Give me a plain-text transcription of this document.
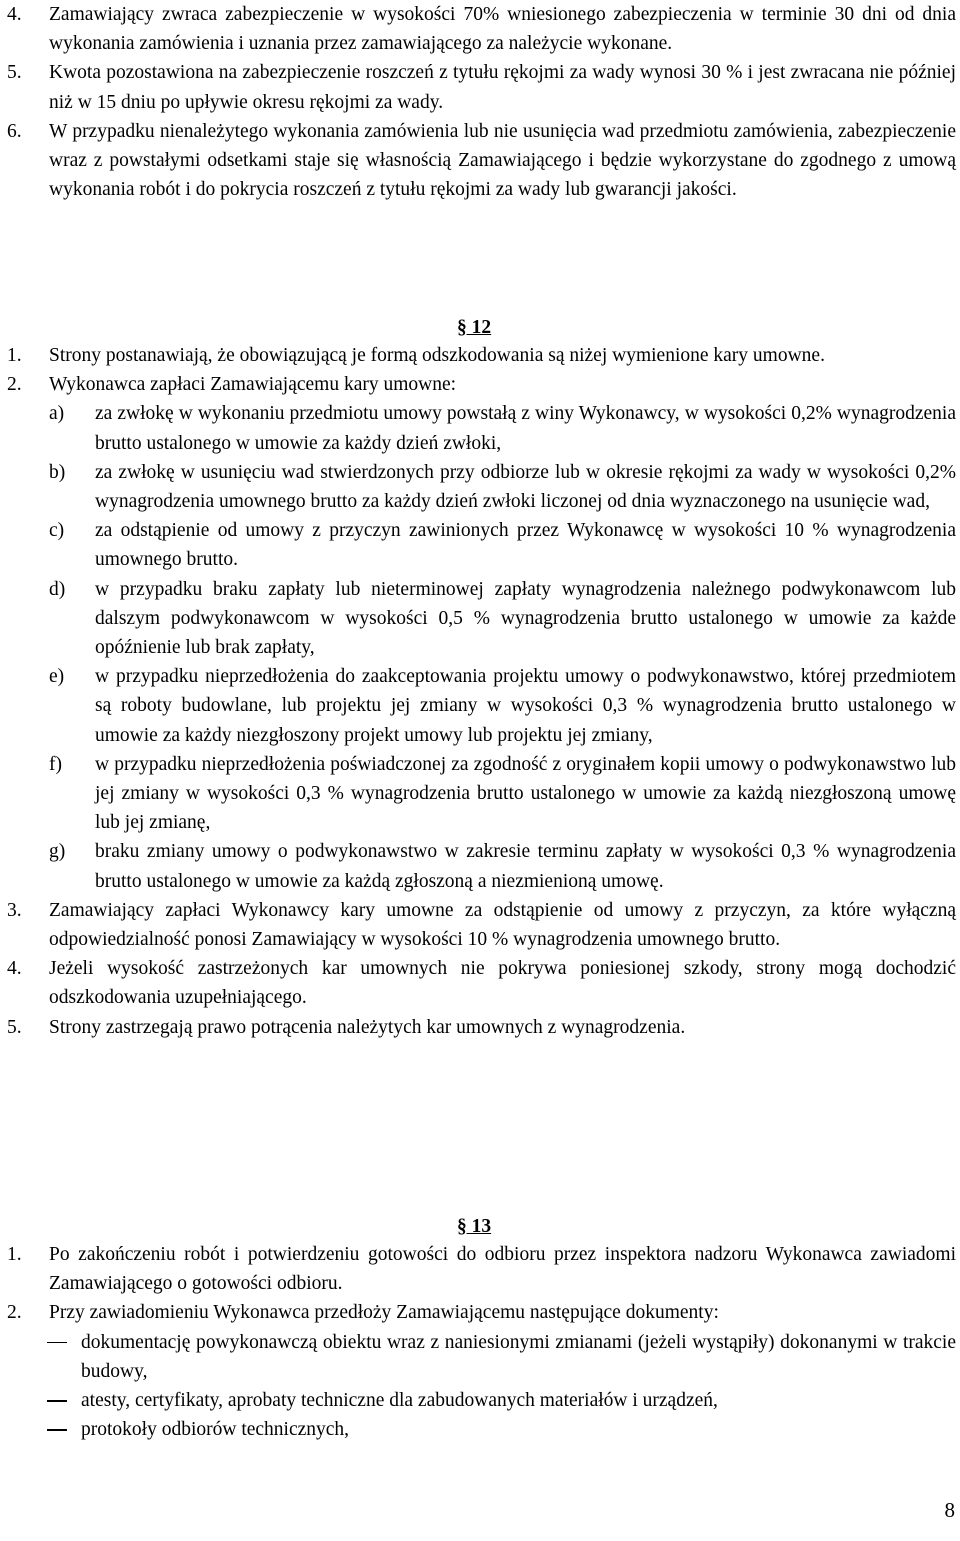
4. Zamawiający zwraca zabezpieczenie w wysokości 70% wniesionego zabezpieczenia w terminie 30 dni od dnia wykonania zamówienia i uznania przez zamawiającego za należycie wykonane.
5. Kwota pozostawiona na zabezpieczenie roszczeń z tytułu rękojmi za wady wynosi 30 % i jest zwracana nie później niż w 15 dniu po upływie okresu rękojmi za wady.
6. W przypadku nienależytego wykonania zamówienia lub nie usunięcia wad przedmiotu zamówienia, zabezpieczenie wraz z powstałymi odsetkami staje się własnością Zamawiającego i będzie wykorzystane do zgodnego z umową wykonania robót i do pokrycia roszczeń z tytułu rękojmi za wady lub gwarancji jakości.
§ 12
1. Strony postanawiają, że obowiązującą je formą odszkodowania są niżej wymienione kary umowne.
2. Wykonawca zapłaci Zamawiającemu kary umowne:
a) za zwłokę w wykonaniu przedmiotu umowy powstałą z winy Wykonawcy, w wysokości 0,2% wynagrodzenia brutto ustalonego w umowie za każdy dzień zwłoki,
b) za zwłokę w usunięciu wad stwierdzonych przy odbiorze lub w okresie rękojmi za wady w wysokości 0,2% wynagrodzenia umownego brutto za każdy dzień zwłoki liczonej od dnia wyznaczonego na usunięcie wad,
c) za odstąpienie od umowy z przyczyn zawinionych przez Wykonawcę w wysokości 10 % wynagrodzenia umownego brutto.
d) w przypadku braku zapłaty lub nieterminowej zapłaty wynagrodzenia należnego podwykonawcom lub dalszym podwykonawcom w wysokości 0,5 % wynagrodzenia brutto ustalonego w umowie za każde opóźnienie lub brak zapłaty,
e) w przypadku nieprzedłożenia do zaakceptowania projektu umowy o podwykonawstwo, której przedmiotem są roboty budowlane, lub projektu jej zmiany w wysokości 0,3 % wynagrodzenia brutto ustalonego w umowie za każdy niezgłoszony projekt umowy lub projektu jej zmiany,
f) w przypadku nieprzedłożenia poświadczonej za zgodność z oryginałem kopii umowy o podwykonawstwo lub jej zmiany w wysokości 0,3 % wynagrodzenia brutto ustalonego w umowie za każdą niezgłoszoną umowę lub jej zmianę,
g) braku zmiany umowy o podwykonawstwo w zakresie terminu zapłaty w wysokości 0,3 % wynagrodzenia brutto ustalonego w umowie za każdą zgłoszoną a niezmienioną umowę.
3. Zamawiający zapłaci Wykonawcy kary umowne za odstąpienie od umowy z przyczyn, za które wyłączną odpowiedzialność ponosi Zamawiający w wysokości 10 % wynagrodzenia umownego brutto.
4. Jeżeli wysokość zastrzeżonych kar umownych nie pokrywa poniesionej szkody, strony mogą dochodzić odszkodowania uzupełniającego.
5. Strony zastrzegają prawo potrącenia należytych kar umownych z wynagrodzenia.
§ 13
1. Po zakończeniu robót i potwierdzeniu gotowości do odbioru przez inspektora nadzoru Wykonawca zawiadomi Zamawiającego o gotowości odbioru.
2. Przy zawiadomieniu Wykonawca przedłoży Zamawiającemu następujące dokumenty:
dokumentację powykonawczą obiektu wraz z naniesionymi zmianami (jeżeli wystąpiły) dokonanymi w trakcie budowy,
atesty, certyfikaty, aprobaty techniczne dla zabudowanych materiałów i urządzeń,
protokoły odbiorów technicznych,
8
